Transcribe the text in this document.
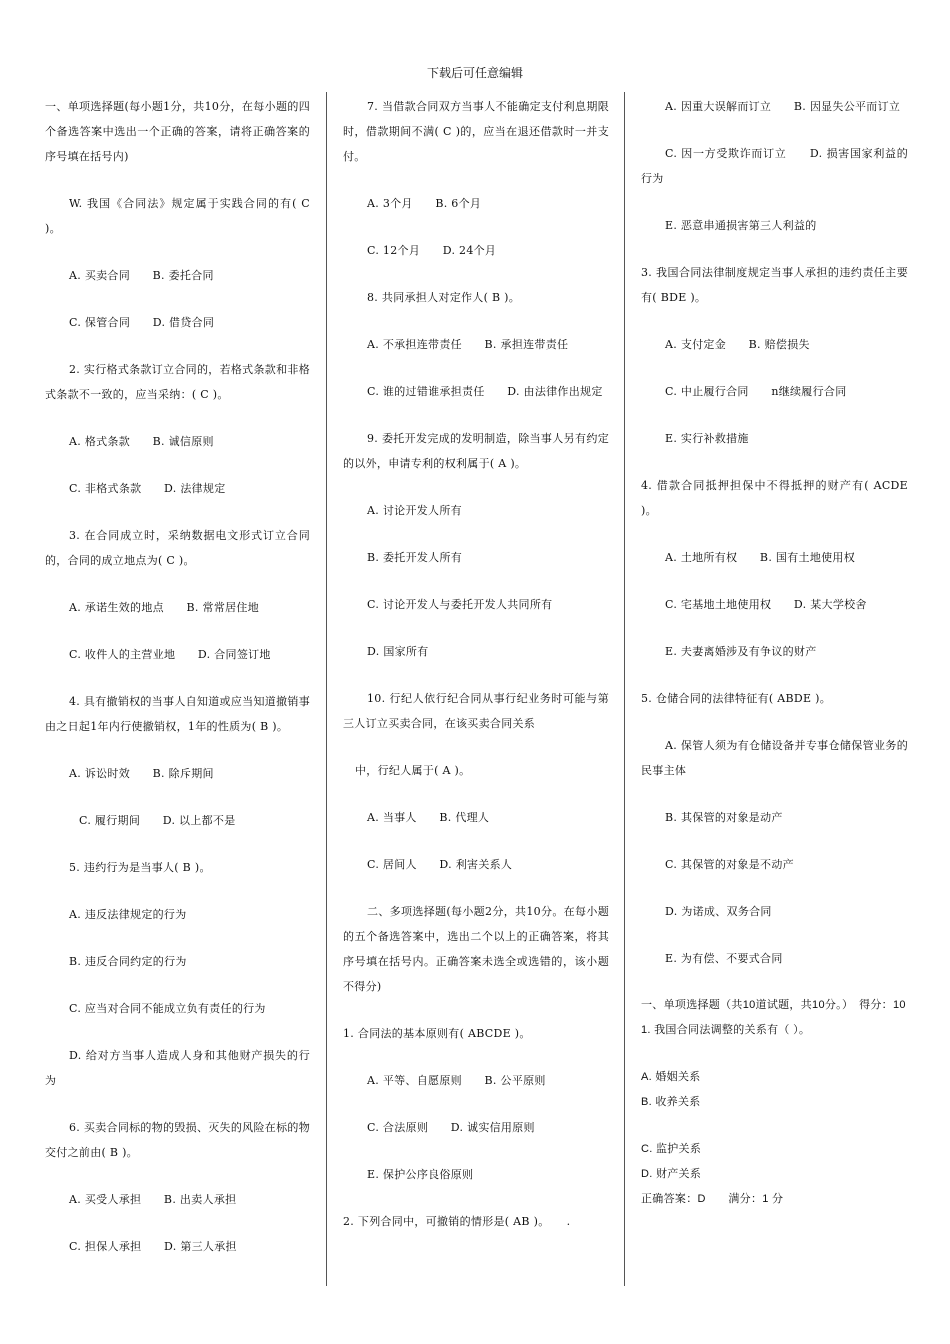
下载后可任意编辑
一、单项选择题(每小题1分，共10分，在每小题的四个备选答案中选出一个正确的答案，请将正确答案的序号填在括号内)
W. 我国《合同法》规定属于实践合同的有( C )。
A. 买卖合同　　B. 委托合同
C. 保管合同　　D. 借贷合同
2. 实行格式条款订立合同的，若格式条款和非格式条款不一致的，应当采纳：( C )。
A. 格式条款　　B. 诚信原则
C. 非格式条款　　D. 法律规定
3. 在合同成立时，采纳数据电文形式订立合同的，合同的成立地点为( C )。
A. 承诺生效的地点　　B. 常常居住地
C. 收件人的主营业地　　D. 合同签订地
4. 具有撤销权的当事人自知道或应当知道撤销事由之日起1年内行使撤销权，1年的性质为( B )。
A. 诉讼时效　　B. 除斥期间
C. 履行期间　　D. 以上都不是
5. 违约行为是当事人( B )。
A. 违反法律规定的行为
B. 违反合同约定的行为
C. 应当对合同不能成立负有责任的行为
D. 给对方当事人造成人身和其他财产损失的行为
6. 买卖合同标的物的毁损、灭失的风险在标的物交付之前由( B )。
A. 买受人承担　　B. 出卖人承担
C. 担保人承担　　D. 第三人承担
7. 当借款合同双方当事人不能确定支付利息期限时，借款期间不满( C )的，应当在退还借款时一并支付。
A. 3个月　　B. 6个月
C. 12个月　　D. 24个月
8. 共同承担人对定作人( B )。
A. 不承担连带责任　　B. 承担连带责任
C. 谁的过错谁承担责任　　D. 由法律作出规定
9. 委托开发完成的发明制造，除当事人另有约定的以外，申请专利的权利属于( A )。
A. 讨论开发人所有
B. 委托开发人所有
C. 讨论开发人与委托开发人共同所有
D. 国家所有
10. 行纪人依行纪合同从事行纪业务时可能与第三人订立买卖合同，在该买卖合同关系
中，行纪人属于( A )。
A. 当事人　　B. 代理人
C. 居间人　　D. 利害关系人
二、多项选择题(每小题2分，共10分。在每小题的五个备选答案中，选出二个以上的正确答案，将其序号填在括号内。正确答案未选全或选错的，该小题不得分)
1. 合同法的基本原则有( ABCDE )。
A. 平等、自愿原则　　B. 公平原则
C. 合法原则　　D. 诚实信用原则
E. 保护公序良俗原则
2. 下列合同中，可撤销的情形是( AB )。　　.
A. 因重大误解而订立　　B. 因显失公平而订立
C. 因一方受欺诈而订立　　D. 损害国家利益的行为
E. 恶意串通损害第三人利益的
3. 我国合同法律制度规定当事人承担的违约责任主要有( BDE )。
A. 支付定金　　B. 赔偿损失
C. 中止履行合同　　n继续履行合同
E. 实行补救措施
4. 借款合同抵押担保中不得抵押的财产有( ACDE )。
A. 土地所有权　　B. 国有土地使用权
C. 宅基地土地使用权　　D. 某大学校舍
E. 夫妻离婚涉及有争议的财产
5. 仓储合同的法律特征有( ABDE )。
A. 保管人须为有仓储设备并专事仓储保管业务的民事主体
B. 其保管的对象是动产
C. 其保管的对象是不动产
D. 为诺成、双务合同
E. 为有偿、不要式合同
一、单项选择题（共10道试题，共10分。）　得分：10
1. 我国合同法调整的关系有（ ）。
A. 婚姻关系
B. 收养关系
C. 监护关系
D. 财产关系
正确答案：D　　满分：1 分
